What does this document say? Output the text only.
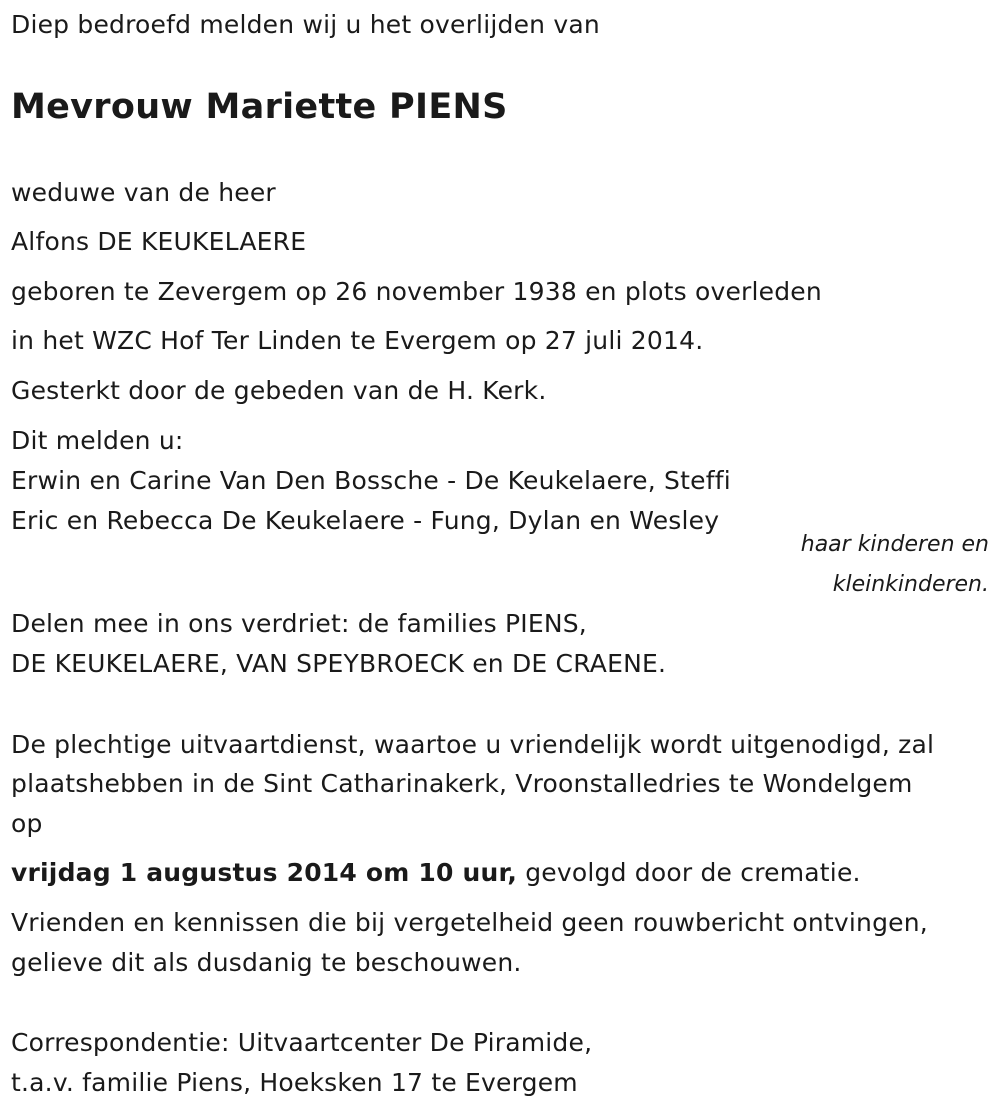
Diep bedroefd melden wij u het overlijden van
Mevrouw Mariette PIENS
weduwe van de heer
Alfons DE KEUKELAERE
geboren te Zevergem op 26 november 1938 en plots overleden
in het WZC Hof Ter Linden te Evergem op 27 juli 2014.
Gesterkt door de gebeden van de H. Kerk.
Dit melden u:
Erwin en Carine Van Den Bossche - De Keukelaere, Steffi
Eric en Rebecca De Keukelaere - Fung, Dylan en Wesley
haar kinderen en
kleinkinderen.
Delen mee in ons verdriet: de families PIENS,
DE KEUKELAERE, VAN SPEYBROECK en DE CRAENE.
De plechtige uitvaartdienst, waartoe u vriendelijk wordt uitgenodigd, zal
plaatshebben in de Sint Catharinakerk, Vroonstalledries te Wondelgem
op
vrijdag 1 augustus 2014 om 10 uur, gevolgd door de crematie.
Vrienden en kennissen die bij vergetelheid geen rouwbericht ontvingen,
gelieve dit als dusdanig te beschouwen.
Correspondentie: Uitvaartcenter De Piramide,
t.a.v. familie Piens, Hoeksken 17 te Evergem
